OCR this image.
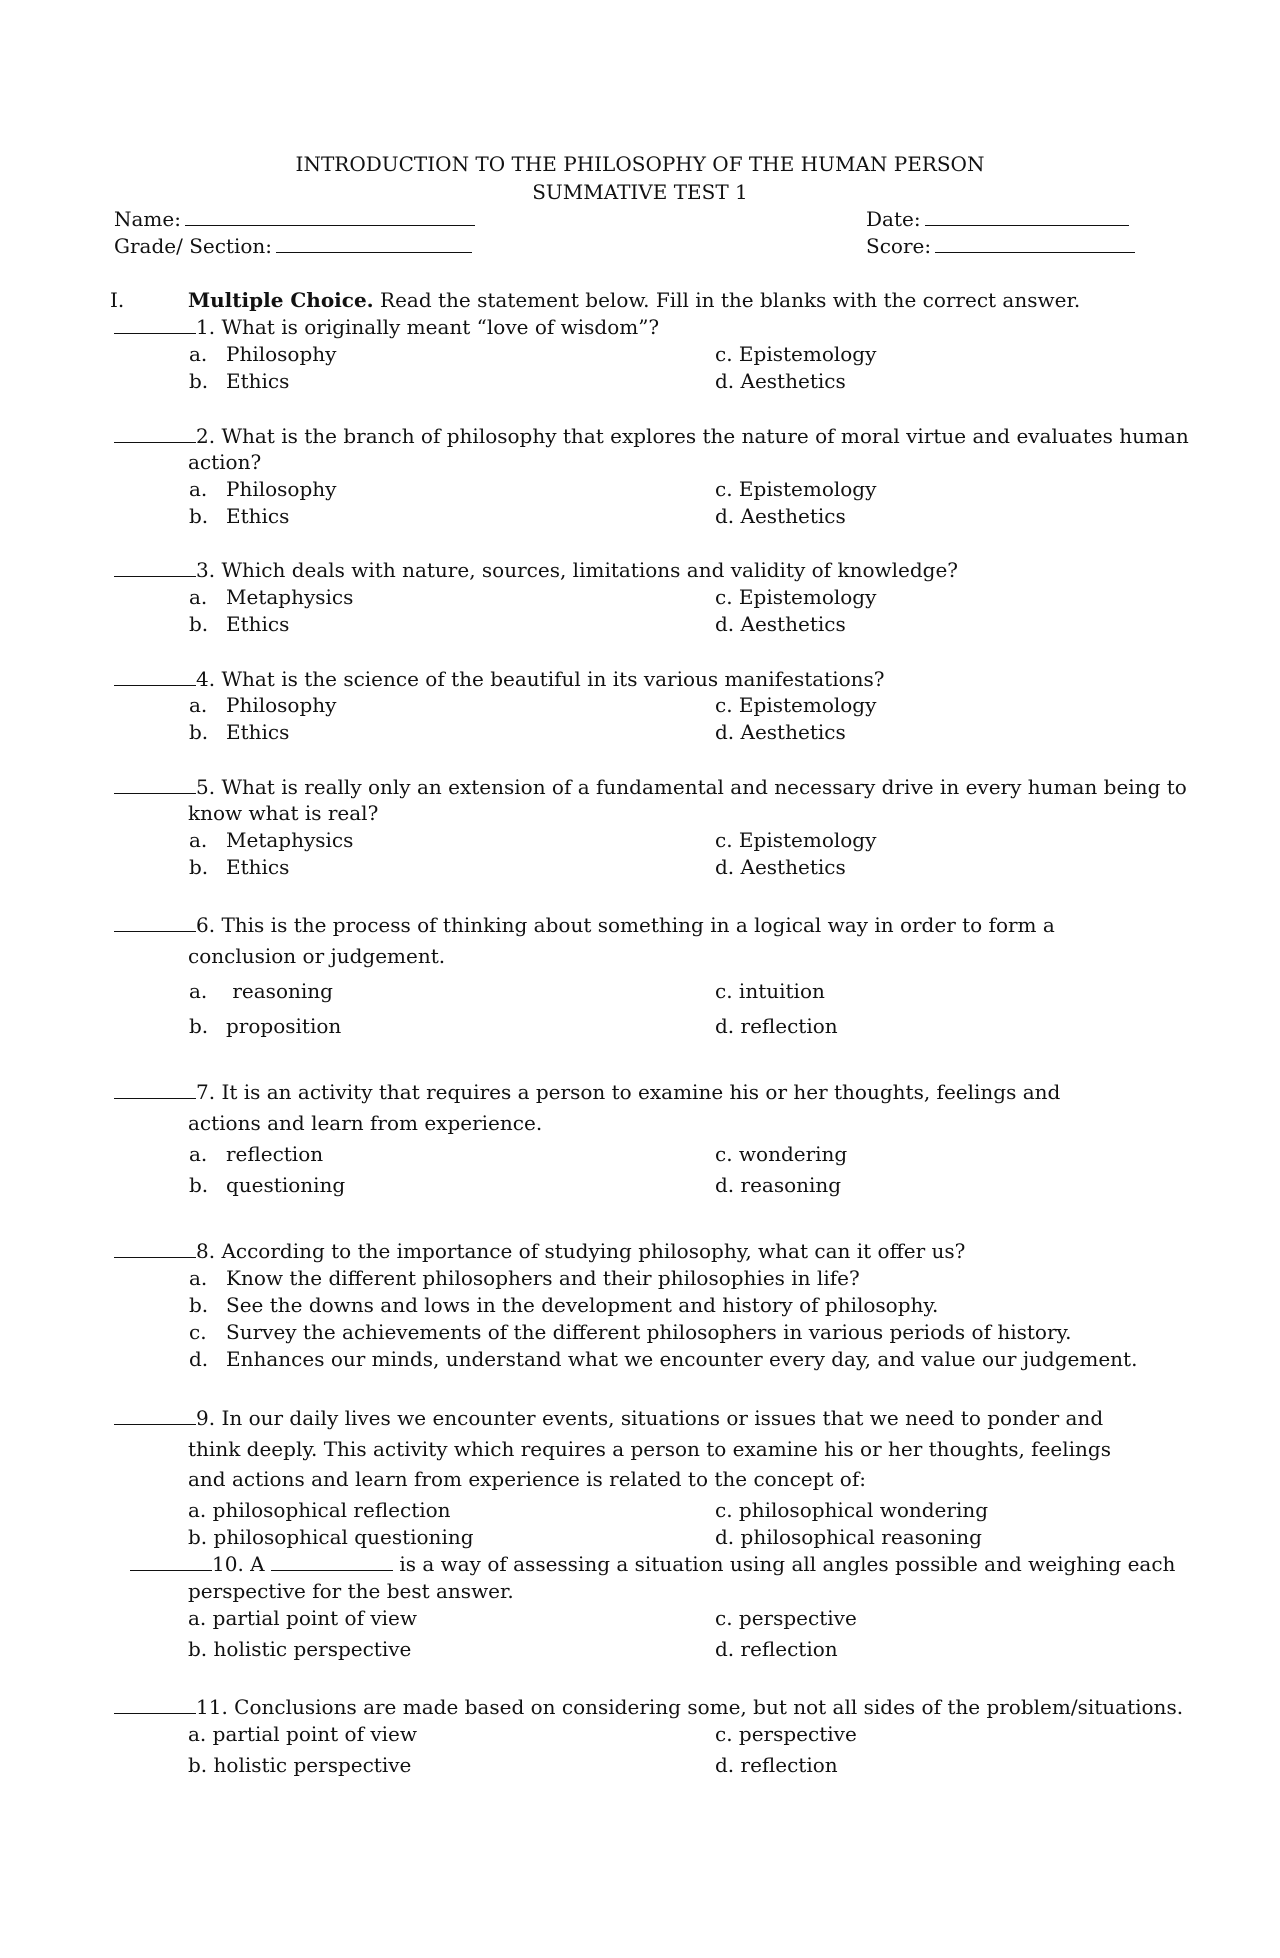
INTRODUCTION TO THE PHILOSOPHY OF THE HUMAN PERSON
SUMMATIVE TEST 1
Name:	Date:
Grade/ Section:	Score:
I.	Multiple Choice. Read the statement below. Fill in the blanks with the correct answer.
1. What is originally meant “love of wisdom”?
a. Philosophy	c. Epistemology
b. Ethics	d. Aesthetics
2. What is the branch of philosophy that explores the nature of moral virtue and evaluates human
action?
a. Philosophy	c. Epistemology
b. Ethics	d. Aesthetics
3. Which deals with nature, sources, limitations and validity of knowledge?
a. Metaphysics	c. Epistemology
b. Ethics	d. Aesthetics
4. What is the science of the beautiful in its various manifestations?
a. Philosophy	c. Epistemology
b. Ethics	d. Aesthetics
5. What is really only an extension of a fundamental and necessary drive in every human being to
know what is real?
a. Metaphysics	c. Epistemology
b. Ethics	d. Aesthetics
6. This is the process of thinking about something in a logical way in order to form a
conclusion or judgement.
a. reasoning	c. intuition
b. proposition	d. reflection
7. It is an activity that requires a person to examine his or her thoughts, feelings and
actions and learn from experience.
a. reflection	c. wondering
b. questioning	d. reasoning
8. According to the importance of studying philosophy, what can it offer us?
a. Know the different philosophers and their philosophies in life?
b. See the downs and lows in the development and history of philosophy.
c. Survey the achievements of the different philosophers in various periods of history.
d. Enhances our minds, understand what we encounter every day, and value our judgement.
9. In our daily lives we encounter events, situations or issues that we need to ponder and
think deeply. This activity which requires a person to examine his or her thoughts, feelings
and actions and learn from experience is related to the concept of:
a. philosophical reflection	c. philosophical wondering
b. philosophical questioning	d. philosophical reasoning
10. A	is a way of assessing a situation using all angles possible and weighing each
perspective for the best answer.
a. partial point of view	c. perspective
b. holistic perspective	d. reflection
11. Conclusions are made based on considering some, but not all sides of the problem/situations.
a. partial point of view	c. perspective
b. holistic perspective	d. reflection
